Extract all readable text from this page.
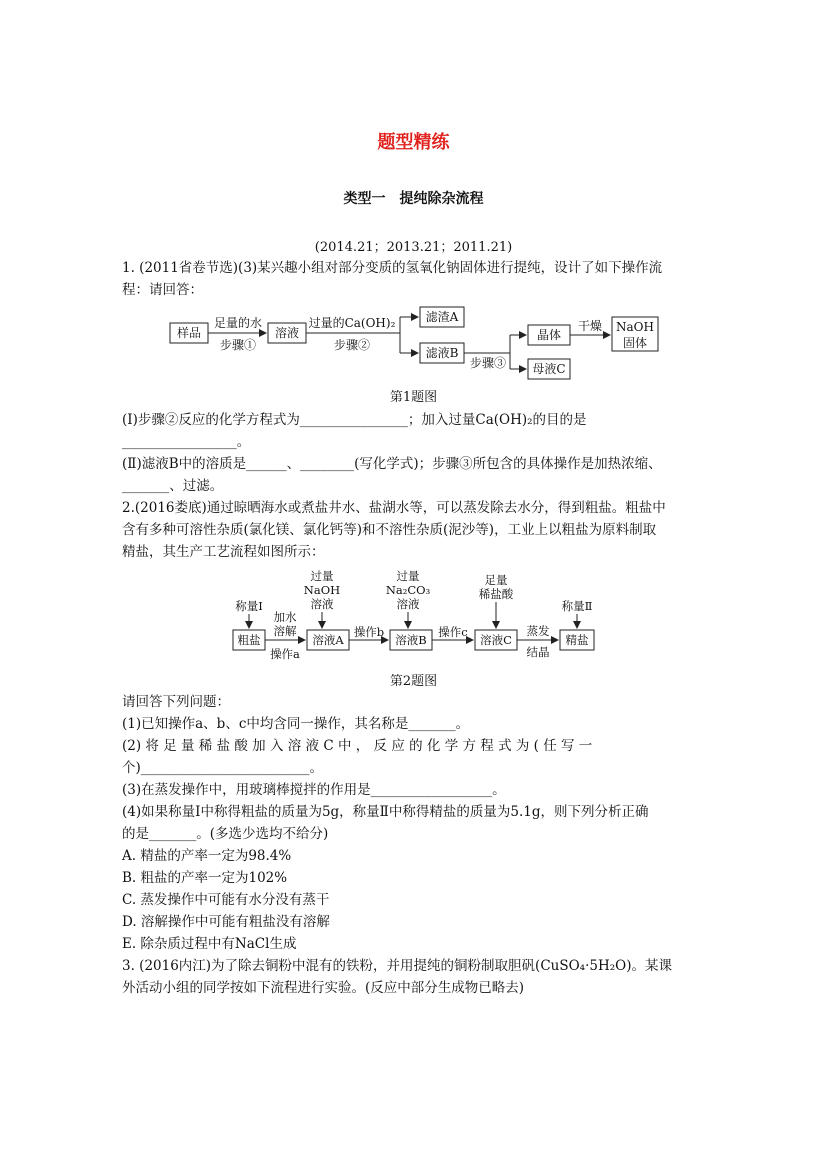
题型精练
类型一　提纯除杂流程
(2014.21；2013.21；2011.21)
1. (2011省卷节选)(3)某兴趣小组对部分变质的氢氧化钠固体进行提纯，设计了如下操作流
程：请回答：
样品
足量的水
步骤①
溶液
过量的Ca(OH)₂
步骤②
滤渣A
滤液B
步骤③
晶体
干燥 NaOH
固体
母液C
第1题图
(Ⅰ)步骤②反应的化学方程式为________________；加入过量Ca(OH)₂的目的是
_________________。
(Ⅱ)滤液B中的溶质是______、________(写化学式)；步骤③所包含的具体操作是加热浓缩、
_______、过滤。
2.(2016娄底)通过晾晒海水或煮盐井水、盐湖水等，可以蒸发除去水分，得到粗盐。粗盐中
含有多种可溶性杂质(氯化镁、氯化钙等)和不溶性杂质(泥沙等)，工业上以粗盐为原料制取
精盐，其生产工艺流程如图所示：
称量Ⅰ
加水
溶解
操作a
粗盐	溶液A
操作b
溶液B
操作c
溶液C
蒸发
结晶
精盐
称量Ⅱ
过量
NaOH
溶液
过量
Na₂CO₃
溶液
足量
稀盐酸
第2题图
请回答下列问题：
(1)已知操作a、b、c中均含同一操作，其名称是_______。
(2) 将 足 量 稀 盐 酸 加 入 溶 液 C 中 ， 反 应 的 化 学 方 程 式 为 ( 任 写 一
个)_________________________。
(3)在蒸发操作中，用玻璃棒搅拌的作用是__________________。
(4)如果称量Ⅰ中称得粗盐的质量为5g，称量Ⅱ中称得精盐的质量为5.1g，则下列分析正确
的是_______。(多选少选均不给分)
A. 精盐的产率一定为98.4%
B. 粗盐的产率一定为102%
C. 蒸发操作中可能有水分没有蒸干
D. 溶解操作中可能有粗盐没有溶解
E. 除杂质过程中有NaCl生成
3. (2016内江)为了除去铜粉中混有的铁粉，并用提纯的铜粉制取胆矾(CuSO₄·5H₂O)。某课
外活动小组的同学按如下流程进行实验。(反应中部分生成物已略去)
